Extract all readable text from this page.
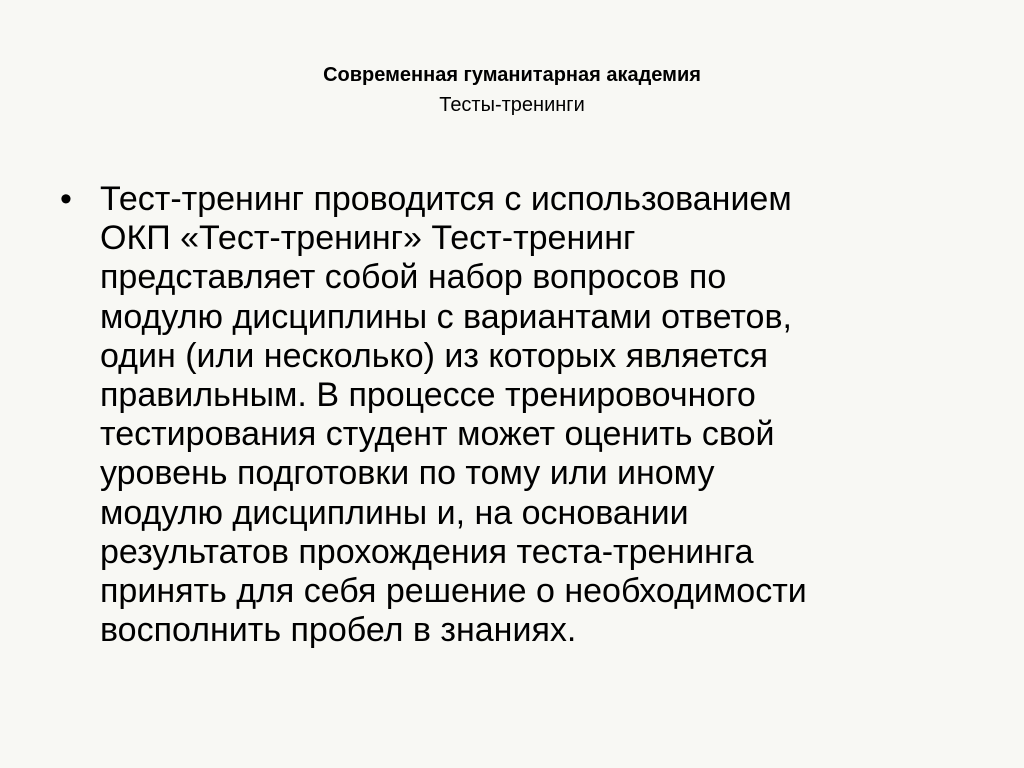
Современная гуманитарная академия

Тесты-тренинги

• Тест-тренинг проводится с использованием
ОКП «Тест-тренинг» Тест-тренинг
представляет собой набор вопросов по
модулю дисциплины с вариантами ответов,
один (или несколько) из которых является
правильным. В процессе тренировочного
тестирования студент может оценить свой
уровень подготовки по тому или иному
модулю дисциплины и, на основании
результатов прохождения теста-тренинга
принять для себя решение о необходимости
восполнить пробел в знаниях.
